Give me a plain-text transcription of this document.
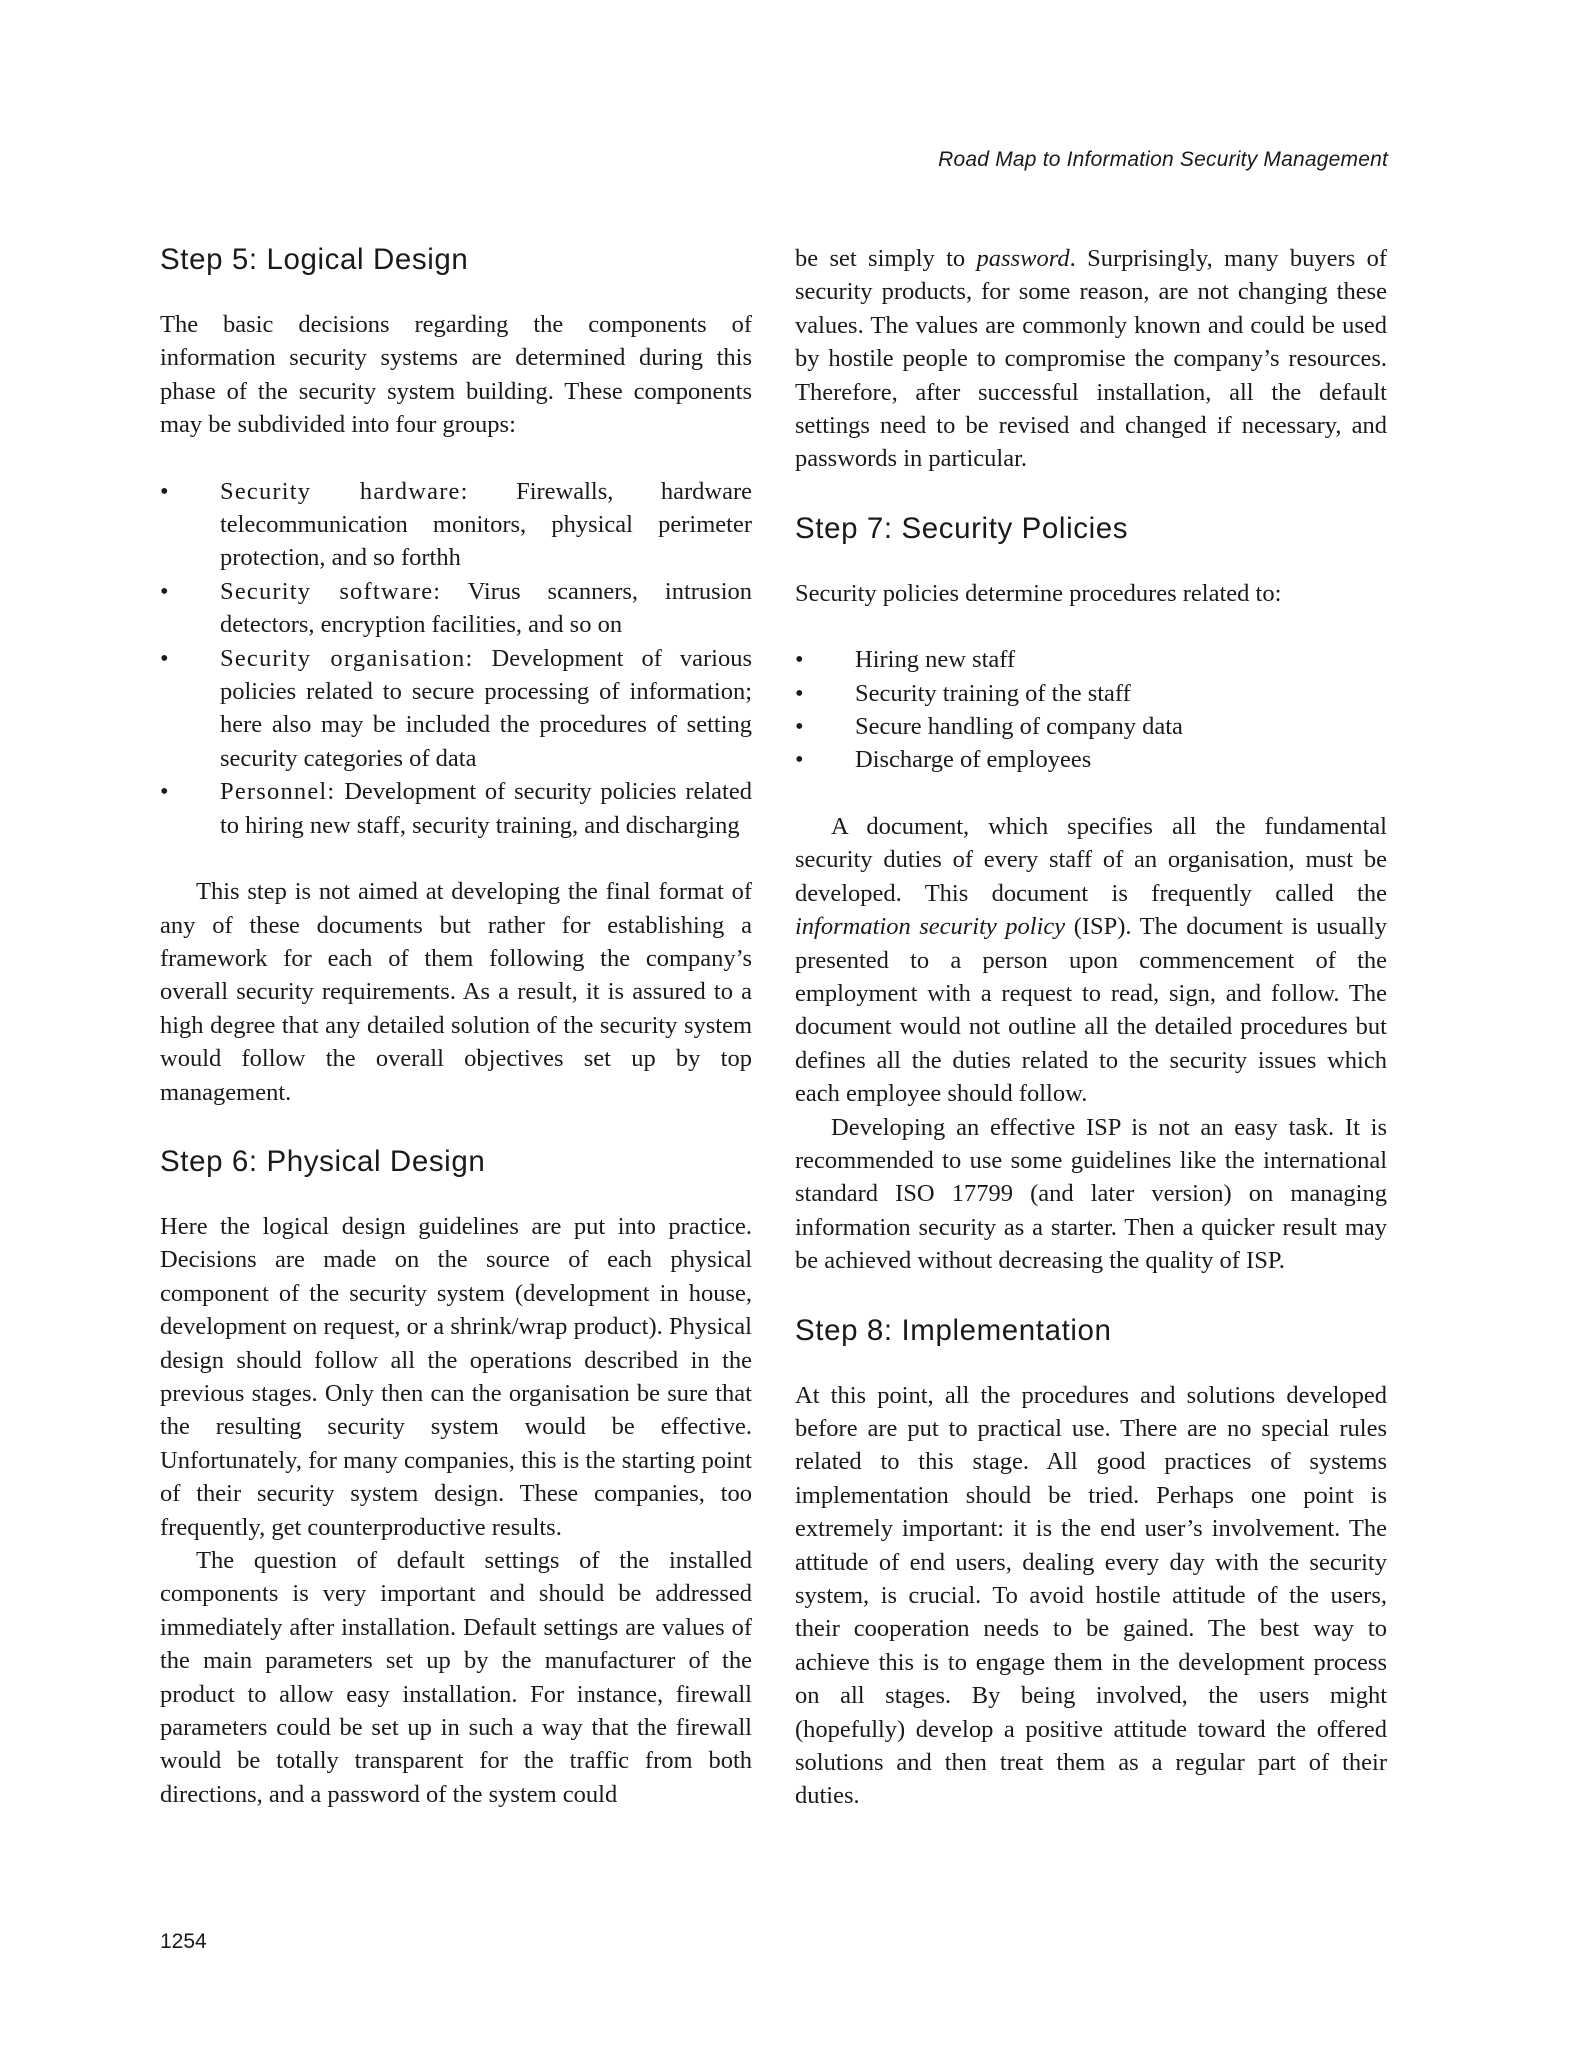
Road Map to Information Security Management
Step 5: Logical Design

The basic decisions regarding the components of information security systems are determined during this phase of the security system building. These components may be subdivided into four groups:

• Security hardware: Firewalls, hardware telecommunication monitors, physical perimeter protection, and so forthh
• Security software: Virus scanners, intrusion detectors, encryption facilities, and so on
• Security organisation: Development of various policies related to secure processing of information; here also may be included the procedures of setting security categories of data
• Personnel: Development of security policies related to hiring new staff, security training, and discharging

This step is not aimed at developing the final format of any of these documents but rather for establishing a framework for each of them following the company’s overall security requirements. As a result, it is assured to a high degree that any detailed solution of the security system would follow the overall objectives set up by top management.

Step 6: Physical Design

Here the logical design guidelines are put into practice. Decisions are made on the source of each physical component of the security system (development in house, development on request, or a shrink/wrap product). Physical design should follow all the operations described in the previous stages. Only then can the organisation be sure that the resulting security system would be effective. Unfortunately, for many companies, this is the starting point of their security system design. These companies, too frequently, get counterproductive results.

The question of default settings of the installed components is very important and should be addressed immediately after installation. Default settings are values of the main parameters set up by the manufacturer of the product to allow easy installation. For instance, firewall parameters could be set up in such a way that the firewall would be totally transparent for the traffic from both directions, and a password of the system could

be set simply to password. Surprisingly, many buyers of security products, for some reason, are not changing these values. The values are commonly known and could be used by hostile people to compromise the company’s resources. Therefore, after successful installation, all the default settings need to be revised and changed if necessary, and passwords in particular.

Step 7: Security Policies

Security policies determine procedures related to:

• Hiring new staff
• Security training of the staff
• Secure handling of company data
• Discharge of employees

A document, which specifies all the fundamental security duties of every staff of an organisation, must be developed. This document is frequently called the information security policy (ISP). The document is usually presented to a person upon commencement of the employment with a request to read, sign, and follow. The document would not outline all the detailed procedures but defines all the duties related to the security issues which each employee should follow.

Developing an effective ISP is not an easy task. It is recommended to use some guidelines like the international standard ISO 17799 (and later version) on managing information security as a starter. Then a quicker result may be achieved without decreasing the quality of ISP.

Step 8: Implementation

At this point, all the procedures and solutions developed before are put to practical use. There are no special rules related to this stage. All good practices of systems implementation should be tried. Perhaps one point is extremely important: it is the end user’s involvement. The attitude of end users, dealing every day with the security system, is crucial. To avoid hostile attitude of the users, their cooperation needs to be gained. The best way to achieve this is to engage them in the development process on all stages. By being involved, the users might (hopefully) develop a positive attitude toward the offered solutions and then treat them as a regular part of their duties.

1254
